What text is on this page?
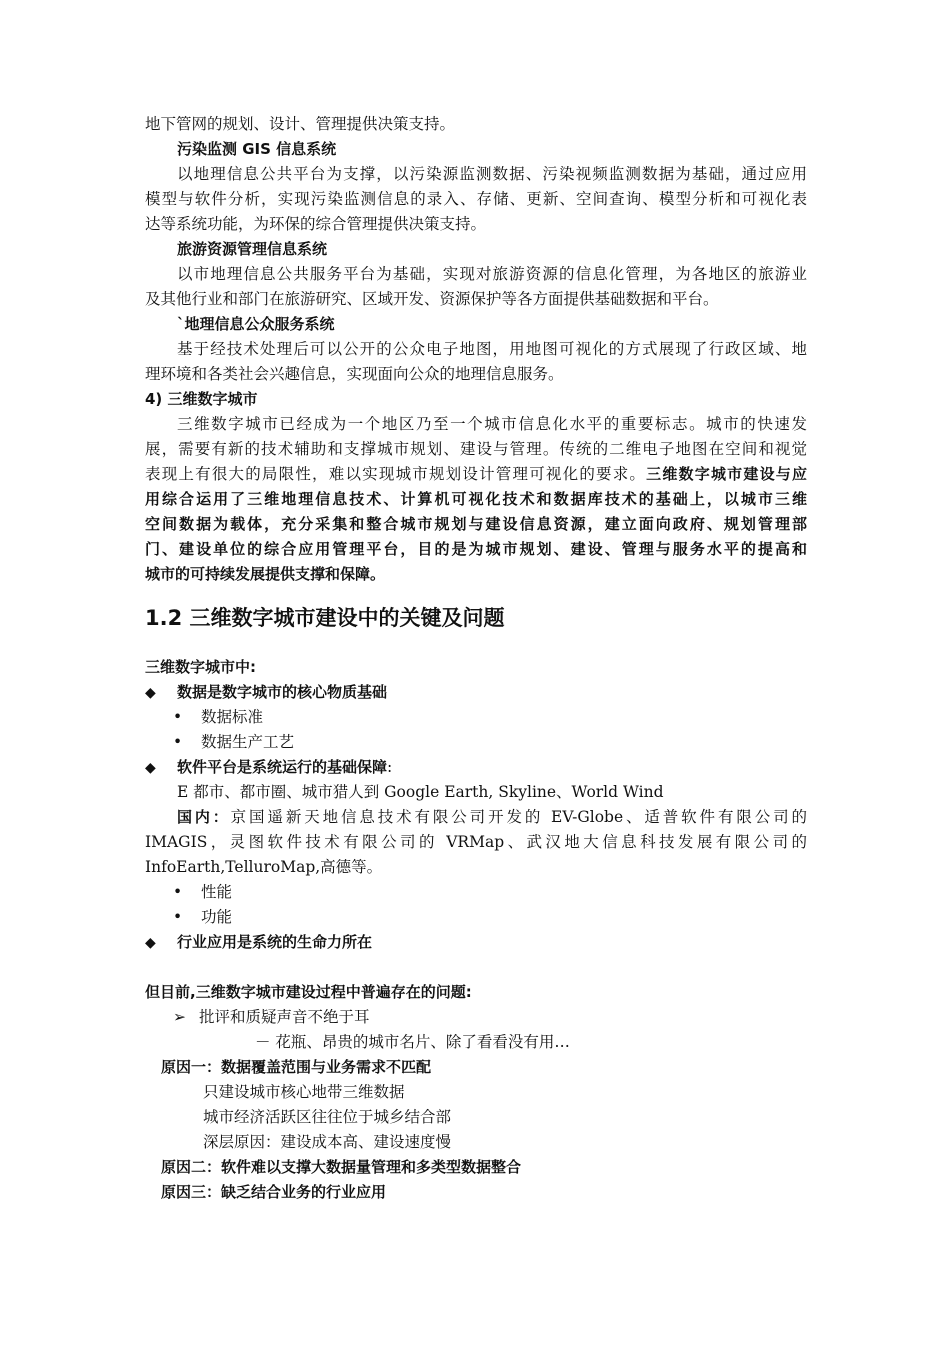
地下管网的规划、设计、管理提供决策支持。
污染监测 GIS 信息系统
以地理信息公共平台为支撑，以污染源监测数据、污染视频监测数据为基础，通过应用
模型与软件分析，实现污染监测信息的录入、存储、更新、空间查询、模型分析和可视化表
达等系统功能，为环保的综合管理提供决策支持。
旅游资源管理信息系统
以市地理信息公共服务平台为基础，实现对旅游资源的信息化管理，为各地区的旅游业
及其他行业和部门在旅游研究、区域开发、资源保护等各方面提供基础数据和平台。
`地理信息公众服务系统
基于经技术处理后可以公开的公众电子地图，用地图可视化的方式展现了行政区域、地
理环境和各类社会兴趣信息，实现面向公众的地理信息服务。
4) 三维数字城市
三维数字城市已经成为一个地区乃至一个城市信息化水平的重要标志。城市的快速发
展，需要有新的技术辅助和支撑城市规划、建设与管理。传统的二维电子地图在空间和视觉
表现上有很大的局限性，难以实现城市规划设计管理可视化的要求。三维数字城市建设与应
用综合运用了三维地理信息技术、计算机可视化技术和数据库技术的基础上，以城市三维
空间数据为载体，充分采集和整合城市规划与建设信息资源，建立面向政府、规划管理部
门、建设单位的综合应用管理平台，目的是为城市规划、建设、管理与服务水平的提高和
城市的可持续发展提供支撑和保障。
1.2 三维数字城市建设中的关键及问题
三维数字城市中:
◆ 数据是数字城市的核心物质基础
• 数据标准
• 数据生产工艺
◆ 软件平台是系统运行的基础保障:
E 都市、都市圈、城市猎人到 Google Earth, Skyline、World Wind
国内：京国遥新天地信息技术有限公司开发的 EV-Globe、适普软件有限公司的
IMAGIS，灵图软件技术有限公司的 VRMap、武汉地大信息科技发展有限公司的
InfoEarth,TelluroMap,高德等。
• 性能
• 功能
◆ 行业应用是系统的生命力所在
但目前,三维数字城市建设过程中普遍存在的问题:
➢ 批评和质疑声音不绝于耳
－ 花瓶、昂贵的城市名片、除了看看没有用…
原因一：数据覆盖范围与业务需求不匹配
只建设城市核心地带三维数据
城市经济活跃区往往位于城乡结合部
深层原因：建设成本高、建设速度慢
原因二：软件难以支撑大数据量管理和多类型数据整合
原因三：缺乏结合业务的行业应用
